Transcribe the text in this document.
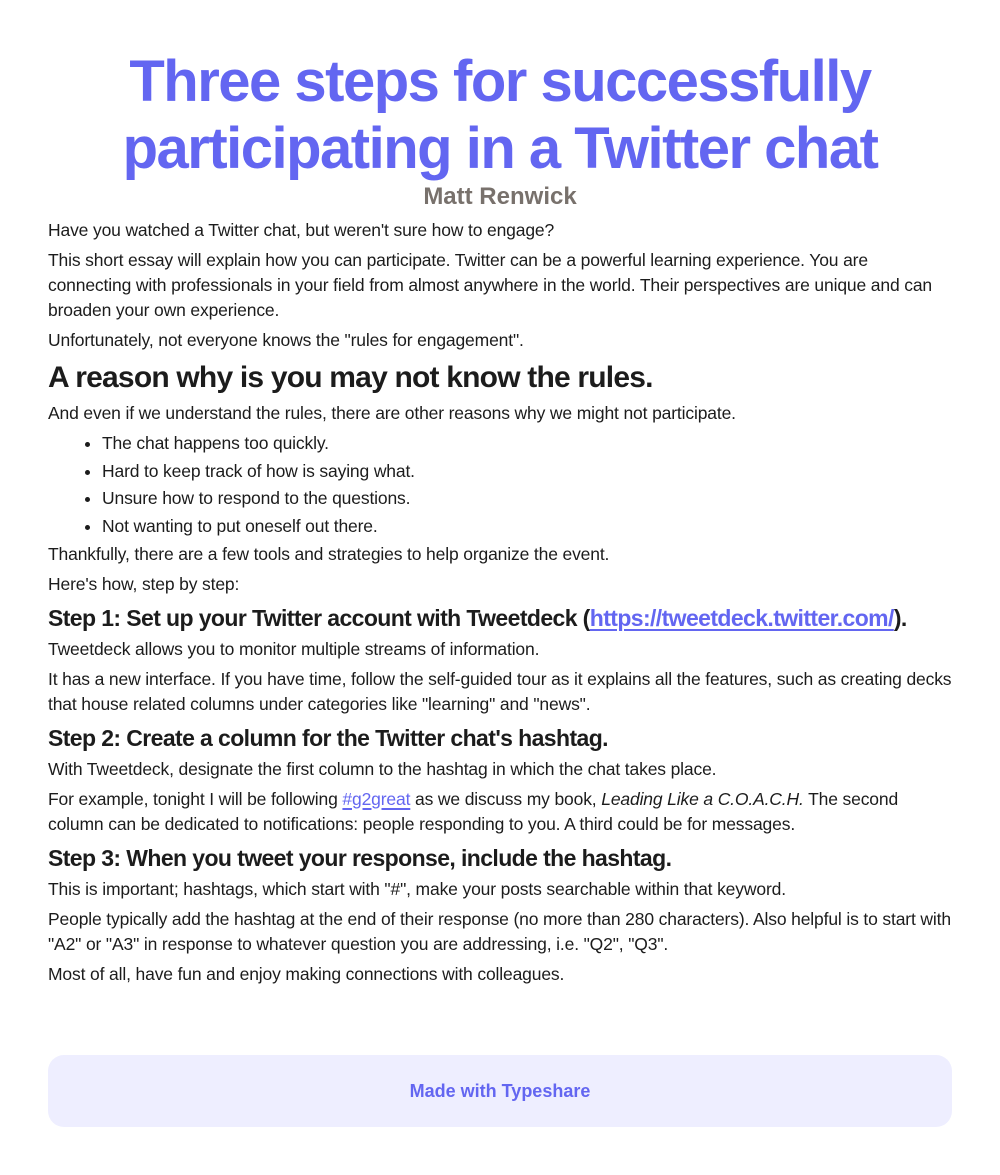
Three steps for successfully participating in a Twitter chat
Matt Renwick

Have you watched a Twitter chat, but weren't sure how to engage?

This short essay will explain how you can participate. Twitter can be a powerful learning experience. You are connecting with professionals in your field from almost anywhere in the world. Their perspectives are unique and can broaden your own experience.

Unfortunately, not everyone knows the "rules for engagement".

A reason why is you may not know the rules.

And even if we understand the rules, there are other reasons why we might not participate.

• The chat happens too quickly.
• Hard to keep track of how is saying what.
• Unsure how to respond to the questions.
• Not wanting to put oneself out there.

Thankfully, there are a few tools and strategies to help organize the event.

Here's how, step by step:

Step 1: Set up your Twitter account with Tweetdeck (https://tweetdeck.twitter.com/).

Tweetdeck allows you to monitor multiple streams of information.

It has a new interface. If you have time, follow the self-guided tour as it explains all the features, such as creating decks that house related columns under categories like "learning" and "news".

Step 2: Create a column for the Twitter chat's hashtag.

With Tweetdeck, designate the first column to the hashtag in which the chat takes place.

For example, tonight I will be following #g2great as we discuss my book, Leading Like a C.O.A.C.H. The second column can be dedicated to notifications: people responding to you. A third could be for messages.

Step 3: When you tweet your response, include the hashtag.

This is important; hashtags, which start with "#", make your posts searchable within that keyword.

People typically add the hashtag at the end of their response (no more than 280 characters). Also helpful is to start with "A2" or "A3" in response to whatever question you are addressing, i.e. "Q2", "Q3".

Most of all, have fun and enjoy making connections with colleagues.

Made with Typeshare
